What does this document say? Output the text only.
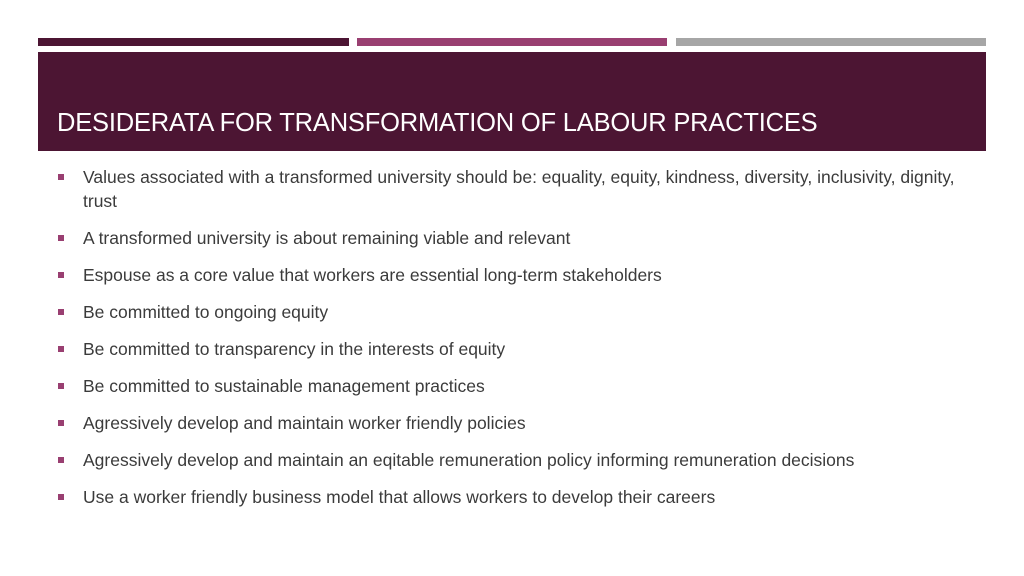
DESIDERATA FOR TRANSFORMATION OF LABOUR PRACTICES
Values associated with a transformed university should be: equality, equity, kindness, diversity, inclusivity, dignity, trust
A transformed university is about remaining viable and relevant
Espouse as a core value that workers are essential long-term stakeholders
Be committed to ongoing equity
Be committed to transparency in the interests of equity
Be committed to sustainable management practices
Agressively develop and maintain worker friendly policies
Agressively develop and maintain an eqitable remuneration policy informing remuneration decisions
Use a worker friendly business model that allows workers to develop their careers
